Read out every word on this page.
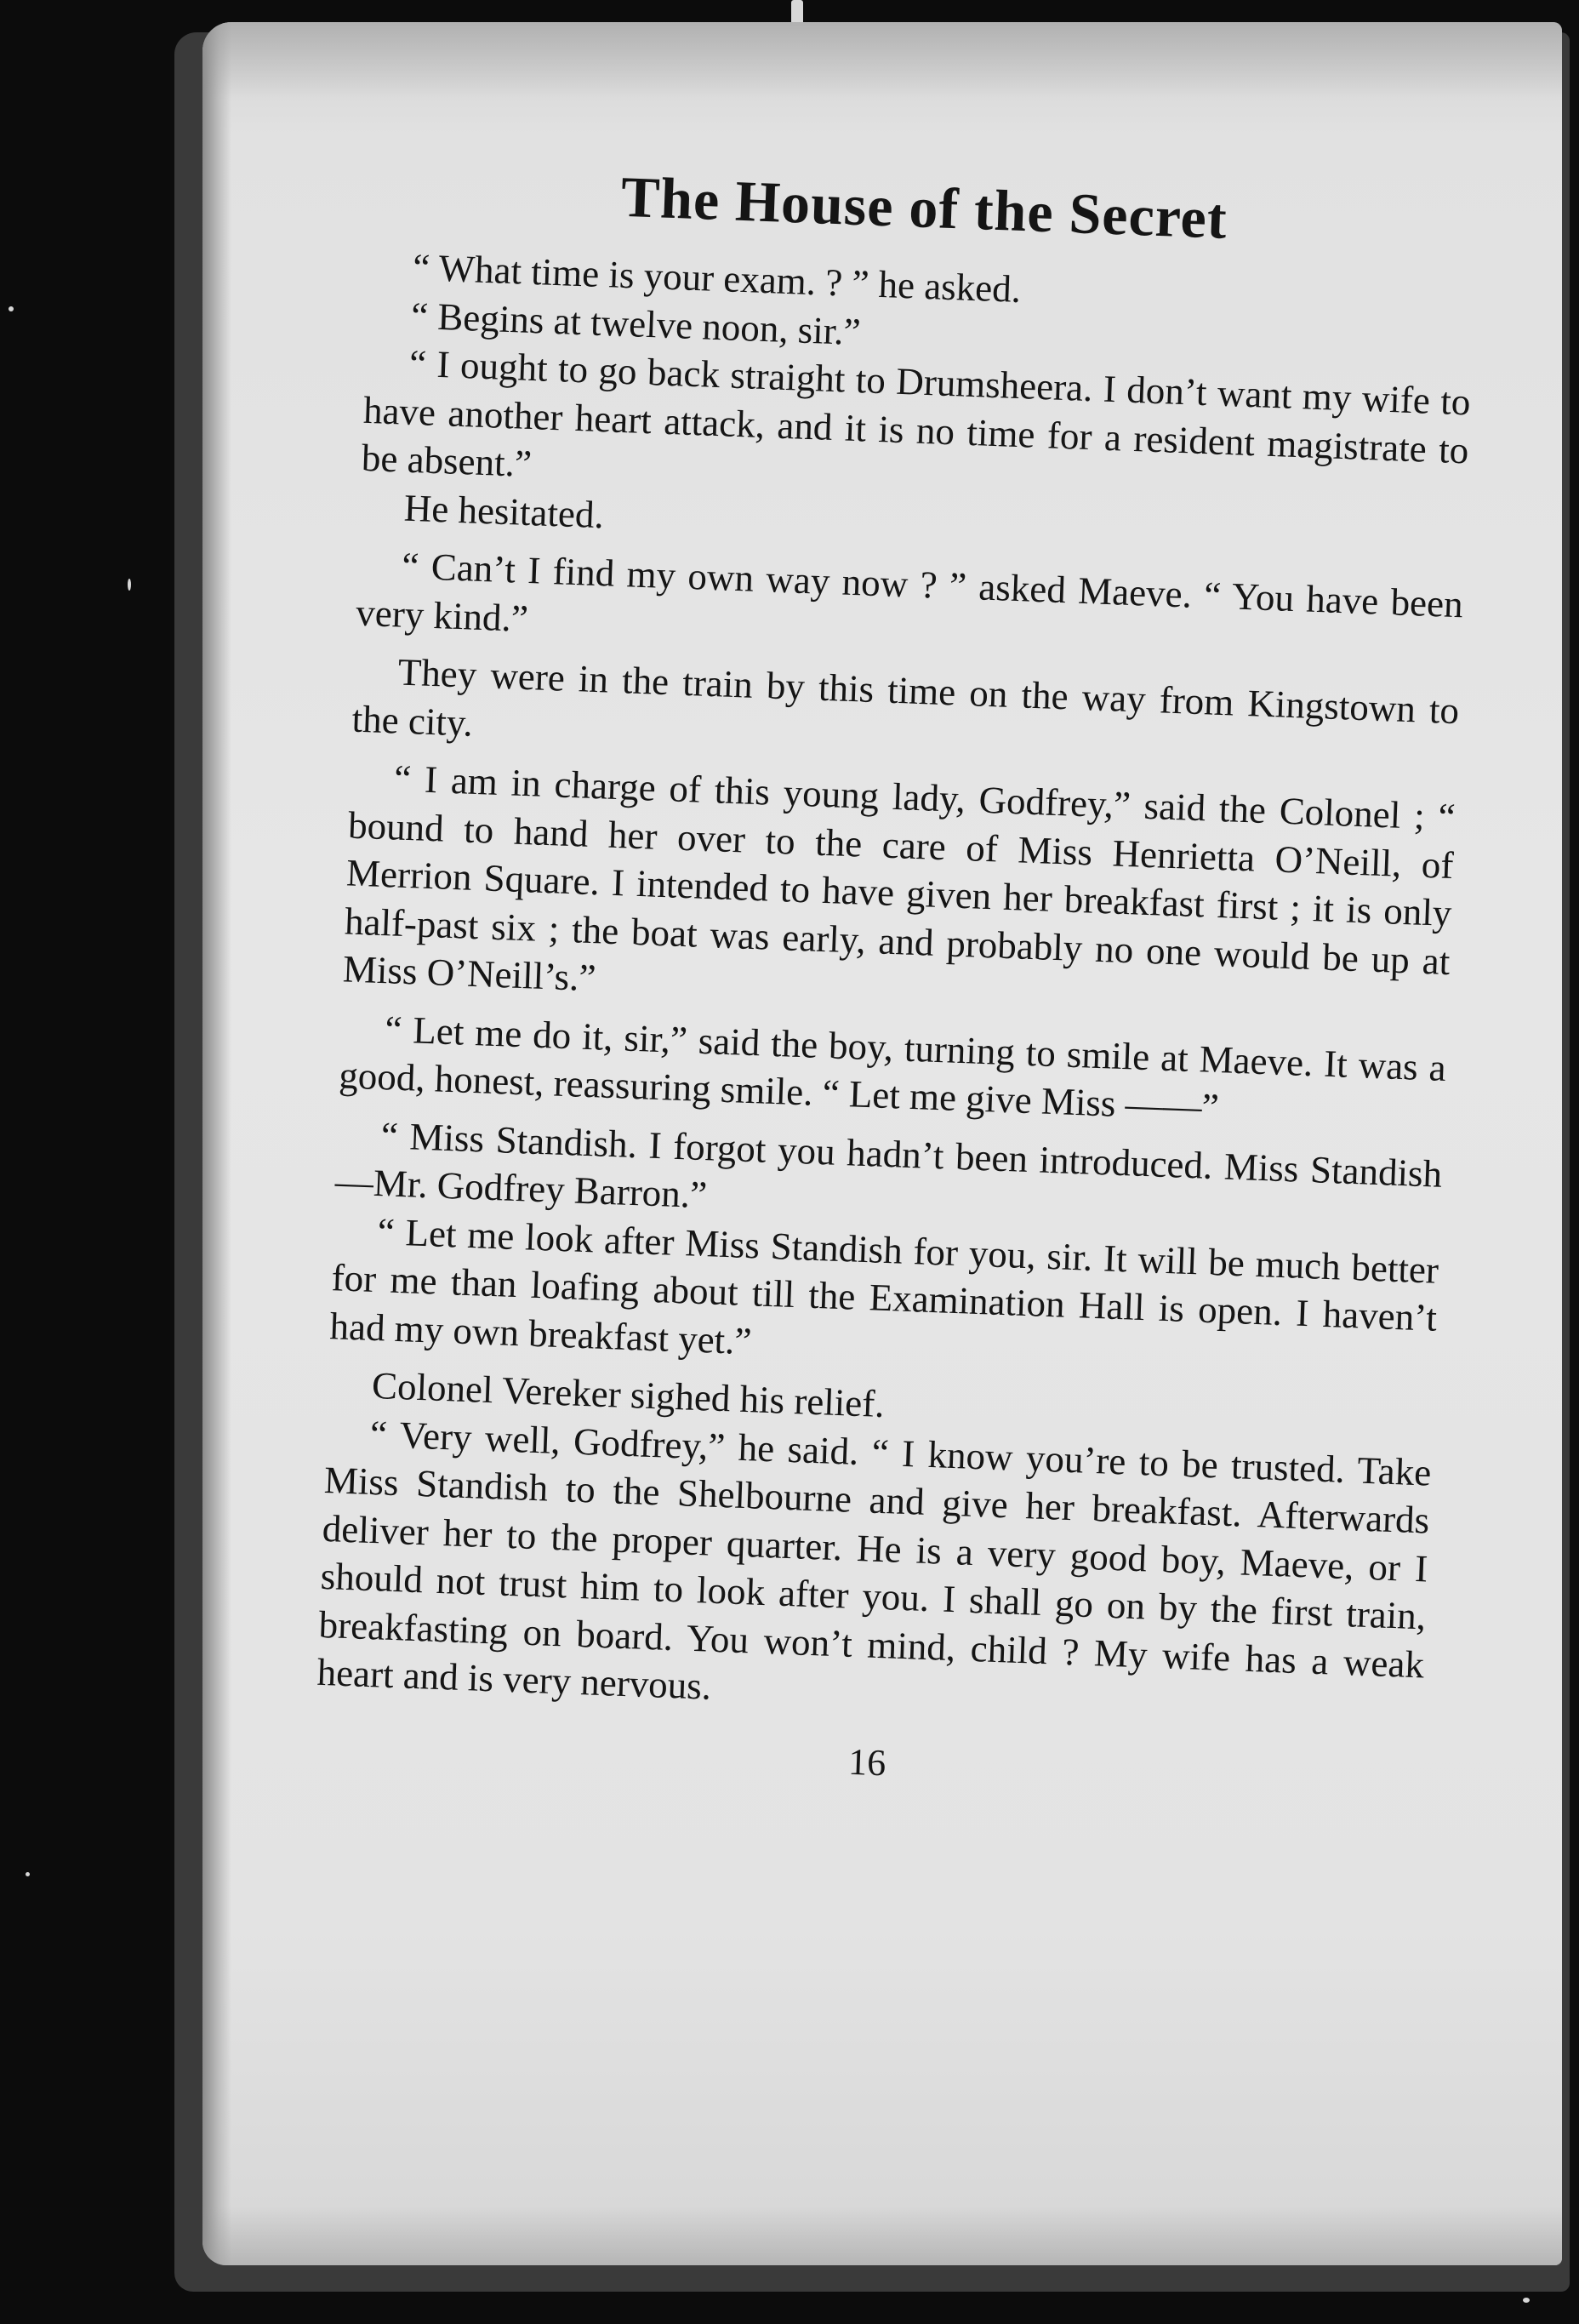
The House of the Secret

“ What time is your exam. ? ” he asked.

“ Begins at twelve noon, sir.”

“ I ought to go back straight to Drumsheera. I don’t want my wife to have another heart attack, and it is no time for a resident magistrate to be absent.”

He hesitated.

“ Can’t I find my own way now ? ” asked Maeve. “ You have been very kind.”

They were in the train by this time on the way from Kingstown to the city.

“ I am in charge of this young lady, Godfrey,” said the Colonel ; “ bound to hand her over to the care of Miss Henrietta O’Neill, of Merrion Square. I intended to have given her breakfast first ; it is only half-past six ; the boat was early, and probably no one would be up at Miss O’Neill’s.”

“ Let me do it, sir,” said the boy, turning to smile at Maeve. It was a good, honest, reassuring smile. “ Let me give Miss ——”

“ Miss Standish. I forgot you hadn’t been introduced. Miss Standish—Mr. Godfrey Barron.”

“ Let me look after Miss Standish for you, sir. It will be much better for me than loafing about till the Examination Hall is open. I haven’t had my own breakfast yet.”

Colonel Vereker sighed his relief.

“ Very well, Godfrey,” he said. “ I know you’re to be trusted. Take Miss Standish to the Shelbourne and give her breakfast. Afterwards deliver her to the proper quarter. He is a very good boy, Maeve, or I should not trust him to look after you. I shall go on by the first train, breakfasting on board. You won’t mind, child ? My wife has a weak heart and is very nervous.

16
